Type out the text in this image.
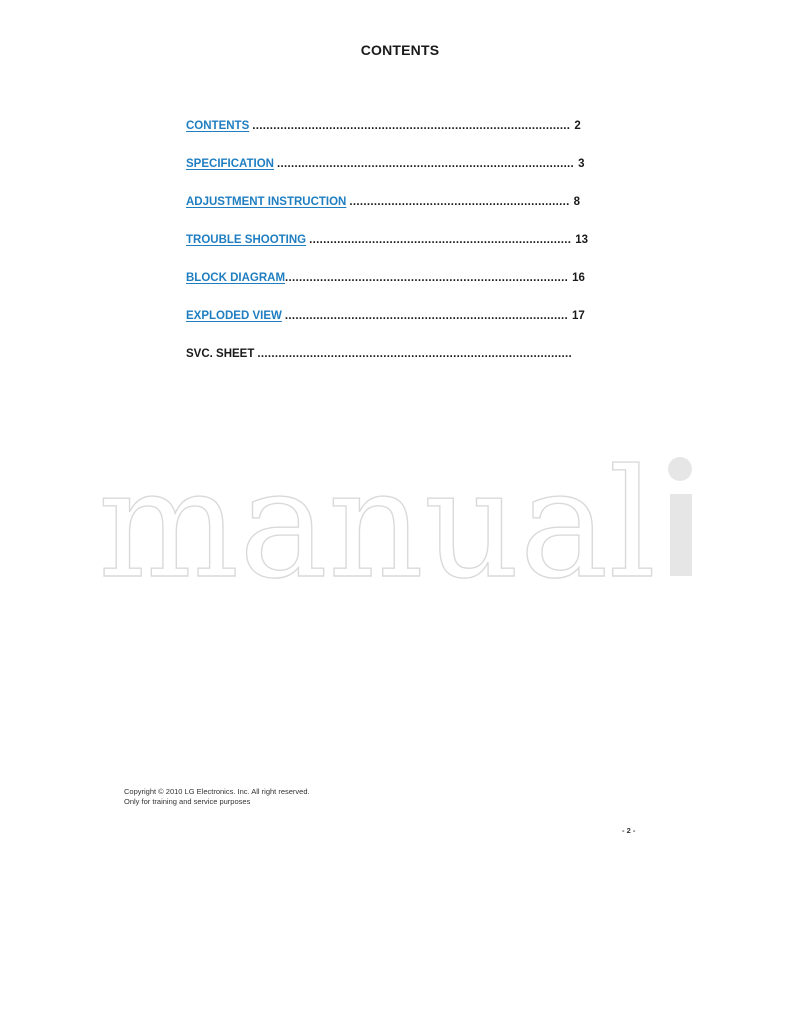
CONTENTS
CONTENTS ........................................................................................... 2
SPECIFICATION ..................................................................................... 3
ADJUSTMENT INSTRUCTION ............................................................... 8
TROUBLE SHOOTING ........................................................................... 13
BLOCK DIAGRAM ................................................................................. 16
EXPLODED VIEW ................................................................................. 17
SVC. SHEET ..........................................................................................
manual
Copyright © 2010 LG Electronics. Inc. All right reserved.
Only for training and service purposes
- 2 -
